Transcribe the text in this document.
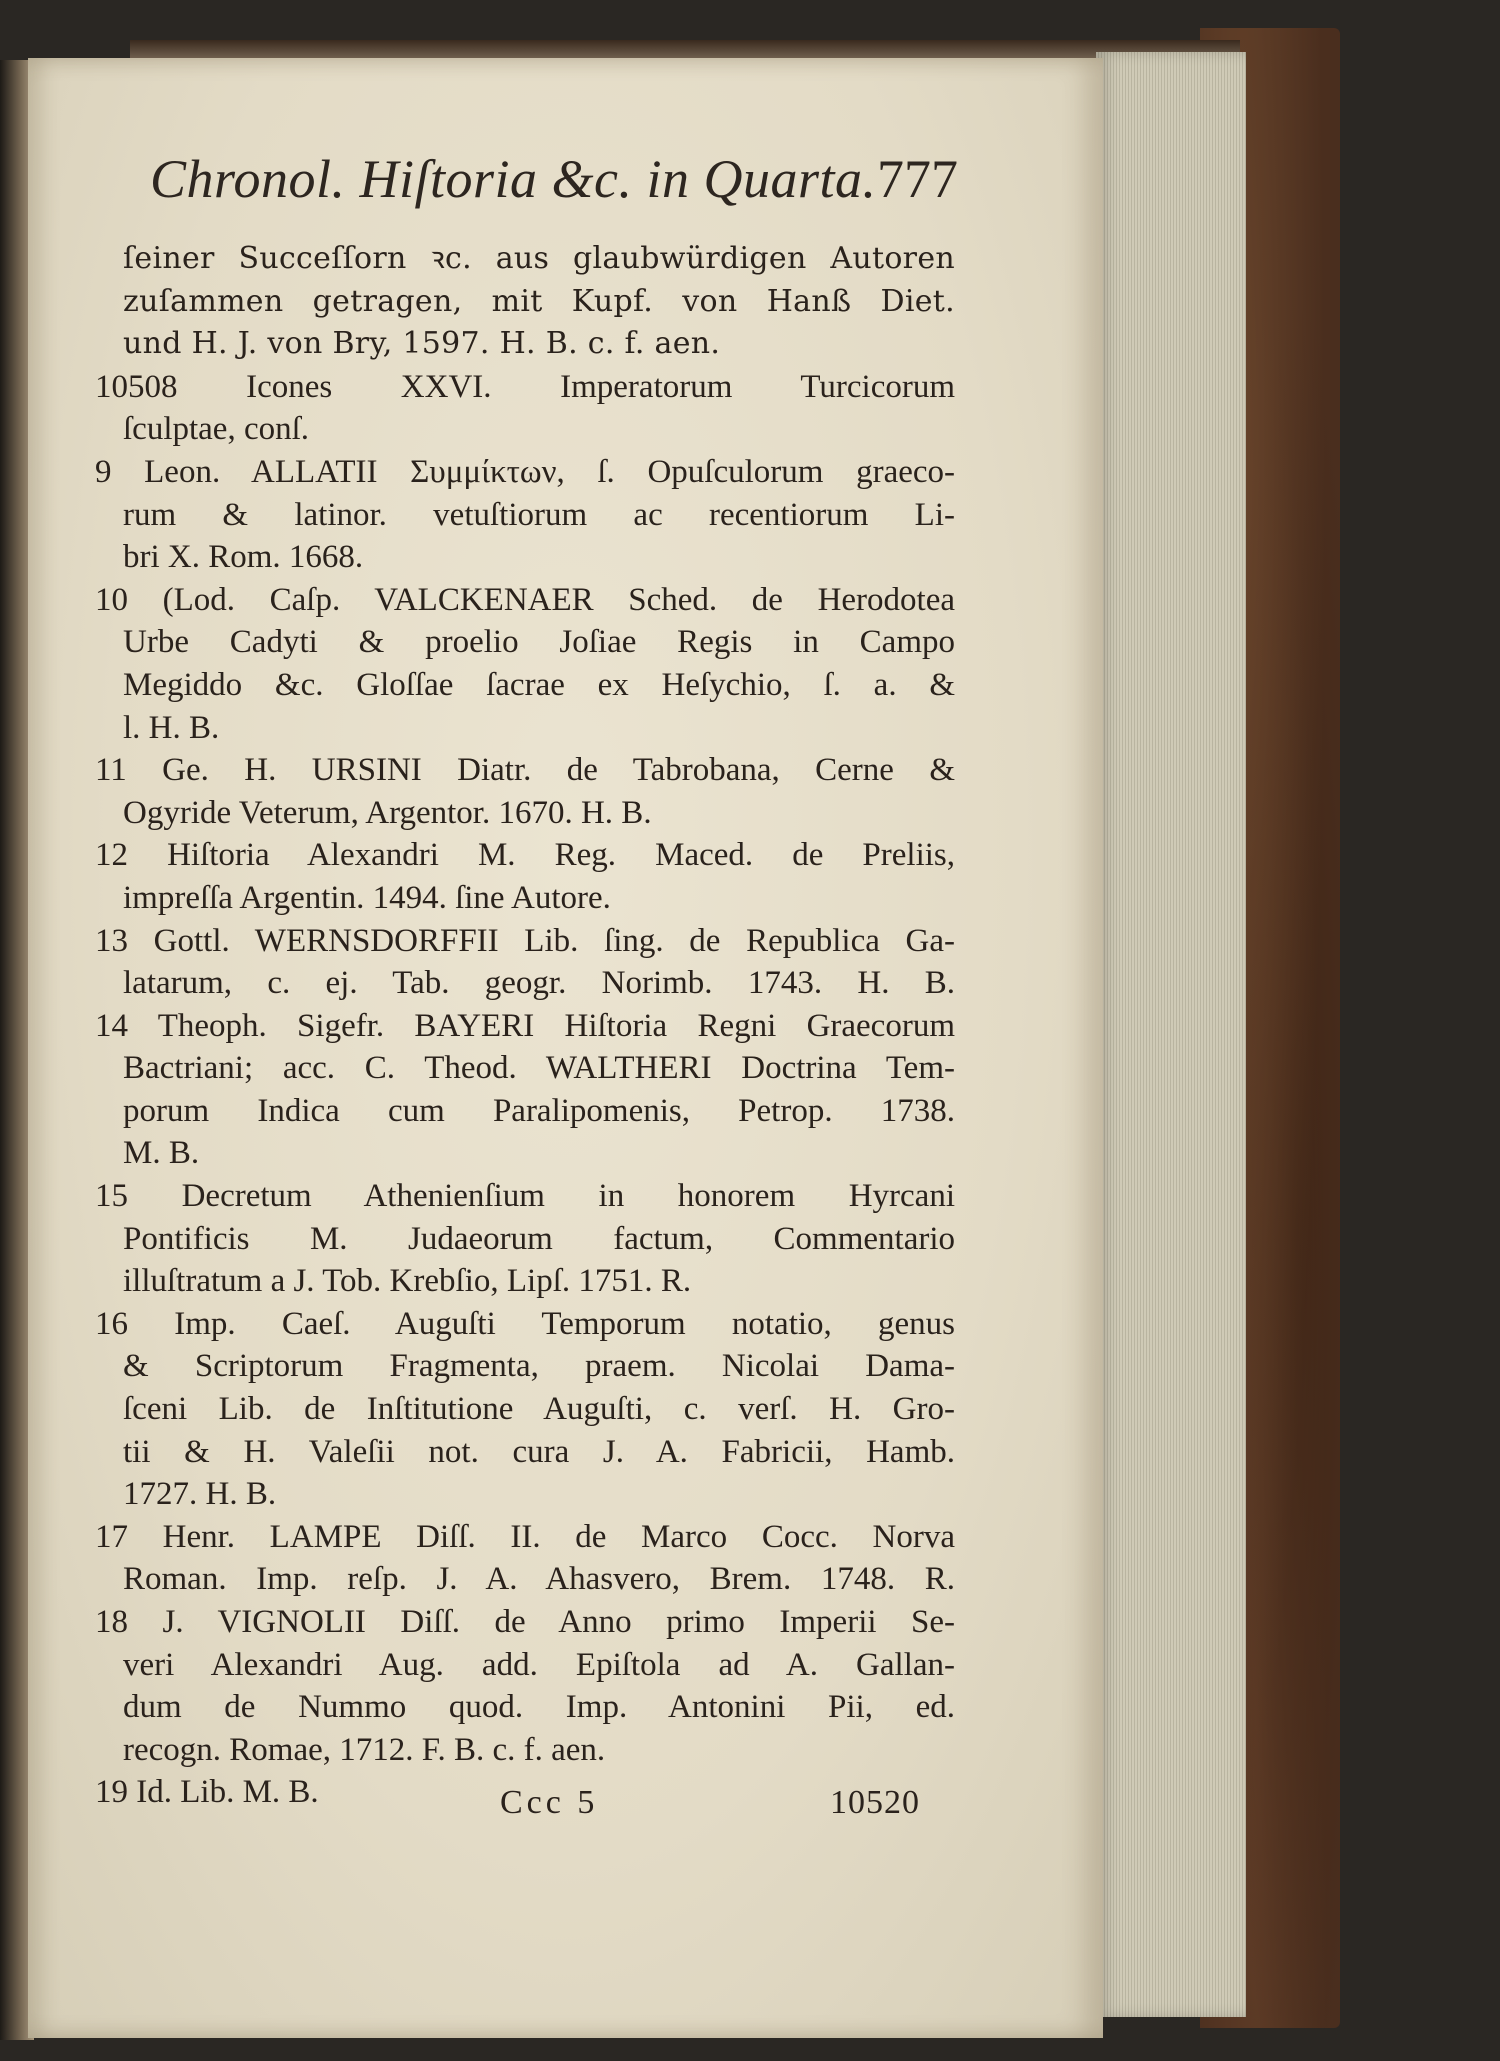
Chronol. Hiſtoria &c. in Quarta. 777
ſeiner Succeſſorn ꝛc. aus glaubwürdigen Autoren
zuſammen getragen, mit Kupf. von Hanß Diet.
und H. J. von Bry, 1597. H. B. c. f. aen.
10508 Icones XXVI. Imperatorum Turcicorum
ſculptae, conſ.
9 Leon. ALLATII Συμμίκτων, ſ. Opuſculorum graeco-
rum & latinor. vetuſtiorum ac recentiorum Li-
bri X. Rom. 1668.
10 (Lod. Caſp. VALCKENAER Sched. de Herodotea
Urbe Cadyti & proelio Joſiae Regis in Campo
Megiddo &c. Gloſſae ſacrae ex Heſychio, ſ. a. &
l. H. B.
11 Ge. H. URSINI Diatr. de Tabrobana, Cerne &
Ogyride Veterum, Argentor. 1670. H. B.
12 Hiſtoria Alexandri M. Reg. Maced. de Preliis,
impreſſa Argentin. 1494. ſine Autore.
13 Gottl. WERNSDORFFII Lib. ſing. de Republica Ga-
latarum, c. ej. Tab. geogr. Norimb. 1743. H. B.
14 Theoph. Sigefr. BAYERI Hiſtoria Regni Graecorum
Bactriani; acc. C. Theod. WALTHERI Doctrina Tem-
porum Indica cum Paralipomenis, Petrop. 1738.
M. B.
15 Decretum Athenienſium in honorem Hyrcani
Pontificis M. Judaeorum factum, Commentario
illuſtratum a J. Tob. Krebſio, Lipſ. 1751. R.
16 Imp. Caeſ. Auguſti Temporum notatio, genus
& Scriptorum Fragmenta, praem. Nicolai Dama-
ſceni Lib. de Inſtitutione Auguſti, c. verſ. H. Gro-
tii & H. Valeſii not. cura J. A. Fabricii, Hamb.
1727. H. B.
17 Henr. LAMPE Diſſ. II. de Marco Cocc. Norva
Roman. Imp. reſp. J. A. Ahasvero, Brem. 1748. R.
18 J. VIGNOLII Diſſ. de Anno primo Imperii Se-
veri Alexandri Aug. add. Epiſtola ad A. Gallan-
dum de Nummo quod. Imp. Antonini Pii, ed.
recogn. Romae, 1712. F. B. c. f. aen.
19 Id. Lib. M. B.	Ccc 5	10520
